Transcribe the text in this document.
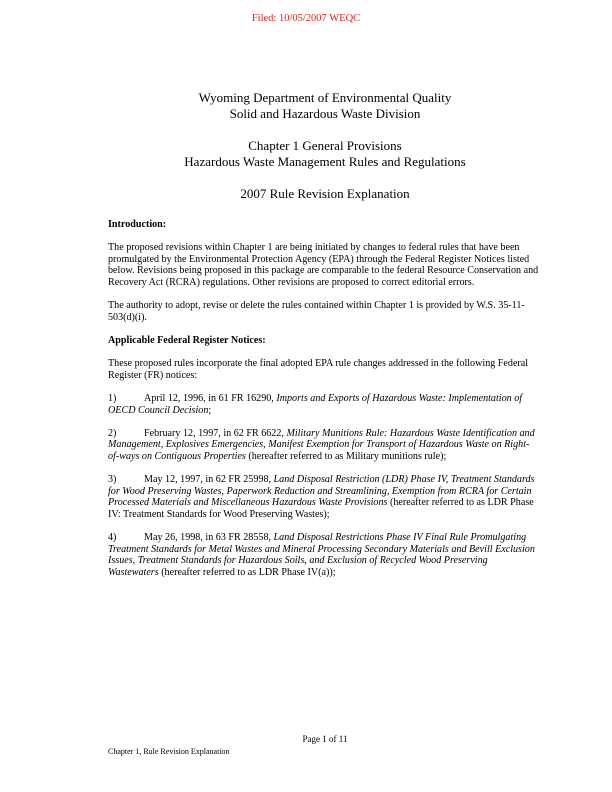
Filed: 10/05/2007 WEQC
Wyoming Department of Environmental Quality
Solid and Hazardous Waste Division
Chapter 1 General Provisions
Hazardous Waste Management Rules and Regulations
2007 Rule Revision Explanation

Introduction:

The proposed revisions within Chapter 1 are being initiated by changes to federal rules that have been promulgated by the Environmental Protection Agency (EPA) through the Federal Register Notices listed below. Revisions being proposed in this package are comparable to the federal Resource Conservation and Recovery Act (RCRA) regulations. Other revisions are proposed to correct editorial errors.

The authority to adopt, revise or delete the rules contained within Chapter 1 is provided by W.S. 35-11-503(d)(i).

Applicable Federal Register Notices:

These proposed rules incorporate the final adopted EPA rule changes addressed in the following Federal Register (FR) notices:

1)	April 12, 1996, in 61 FR 16290, Imports and Exports of Hazardous Waste: Implementation of OECD Council Decision;

2)	February 12, 1997, in 62 FR 6622, Military Munitions Rule: Hazardous Waste Identification and Management, Explosives Emergencies, Manifest Exemption for Transport of Hazardous Waste on Right-of-ways on Contiguous Properties (hereafter referred to as Military munitions rule);

3)	May 12, 1997, in 62 FR 25998, Land Disposal Restriction (LDR) Phase IV, Treatment Standards for Wood Preserving Wastes, Paperwork Reduction and Streamlining, Exemption from RCRA for Certain Processed Materials and Miscellaneous Hazardous Waste Provisions (hereafter referred to as LDR Phase IV: Treatment Standards for Wood Preserving Wastes);

4)	May 26, 1998, in 63 FR 28558, Land Disposal Restrictions Phase IV Final Rule Promulgating Treatment Standards for Metal Wastes and Mineral Processing Secondary Materials and Bevill Exclusion Issues, Treatment Standards for Hazardous Soils, and Exclusion of Recycled Wood Preserving Wastewaters (hereafter referred to as LDR Phase IV(a));

Page 1 of 11
Chapter 1, Rule Revision Explanation
